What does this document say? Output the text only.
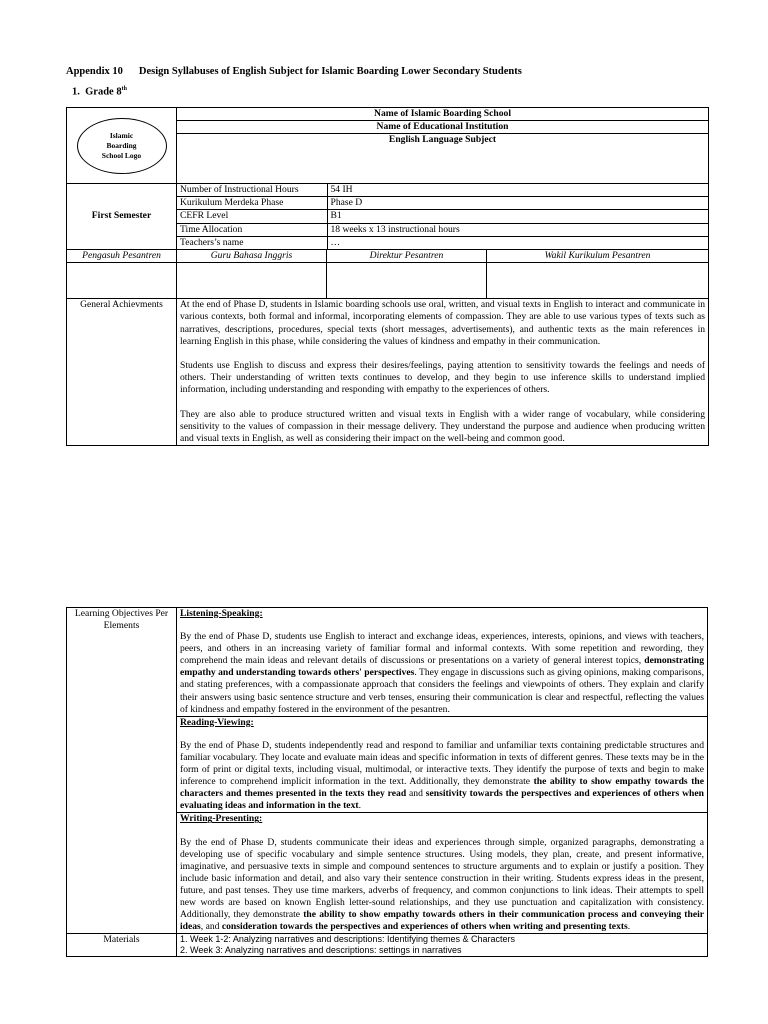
Appendix 10 Design Syllabuses of English Subject for Islamic Boarding Lower Secondary Students
1. Grade 8th
Islamic
Boarding
School Logo

Name of Islamic Boarding School
Name of Educational Institution
English Language Subject

First Semester	
Number of Instructional Hours	54 IH
Kurikulum Merdeka Phase	Phase D
CEFR Level	B1
Time Allocation	18 weeks x 13 instructional hours
Teachers’s name	…

Pengasuh Pesantren	Guru Bahasa Inggris	Direktur Pesantren	Wakil Kurikulum Pesantren

General Achievments	At the end of Phase D, students in Islamic boarding schools use oral, written, and visual texts in English to interact and communicate in various contexts, both formal and informal, incorporating elements of compassion. They are able to use various types of texts such as narratives, descriptions, procedures, special texts (short messages, advertisements), and authentic texts as the main references in learning English in this phase, while considering the values of kindness and empathy in their communication.

Students use English to discuss and express their desires/feelings, paying attention to sensitivity towards the feelings and needs of others. Their understanding of written texts continues to develop, and they begin to use inference skills to understand implied information, including understanding and responding with empathy to the experiences of others.

They are also able to produce structured written and visual texts in English with a wider range of vocabulary, while considering sensitivity to the values of compassion in their message delivery. They understand the purpose and audience when producing written and visual texts in English, as well as considering their impact on the well-being and common good.

Learning Objectives Per Elements	Listening-Speaking:
By the end of Phase D, students use English to interact and exchange ideas, experiences, interests, opinions, and views with teachers, peers, and others in an increasing variety of familiar formal and informal contexts. With some repetition and rewording, they comprehend the main ideas and relevant details of discussions or presentations on a variety of general interest topics, demonstrating empathy and understanding towards others' perspectives. They engage in discussions such as giving opinions, making comparisons, and stating preferences, with a compassionate approach that considers the feelings and viewpoints of others. They explain and clarify their answers using basic sentence structure and verb tenses, ensuring their communication is clear and respectful, reflecting the values of kindness and empathy fostered in the environment of the pesantren.

	Reading-Viewing:
By the end of Phase D, students independently read and respond to familiar and unfamiliar texts containing predictable structures and familiar vocabulary. They locate and evaluate main ideas and specific information in texts of different genres. These texts may be in the form of print or digital texts, including visual, multimodal, or interactive texts. They identify the purpose of texts and begin to make inference to comprehend implicit information in the text. Additionally, they demonstrate the ability to show empathy towards the characters and themes presented in the texts they read and sensitivity towards the perspectives and experiences of others when evaluating ideas and information in the text.

	Writing-Presenting:
By the end of Phase D, students communicate their ideas and experiences through simple, organized paragraphs, demonstrating a developing use of specific vocabulary and simple sentence structures. Using models, they plan, create, and present informative, imaginative, and persuasive texts in simple and compound sentences to structure arguments and to explain or justify a position. They include basic information and detail, and also vary their sentence construction in their writing. Students express ideas in the present, future, and past tenses. They use time markers, adverbs of frequency, and common conjunctions to link ideas. Their attempts to spell new words are based on known English letter-sound relationships, and they use punctuation and capitalization with consistency. Additionally, they demonstrate the ability to show empathy towards others in their communication process and conveying their ideas, and consideration towards the perspectives and experiences of others when writing and presenting texts.

Materials	1. Week 1-2: Analyzing narratives and descriptions: Identifying themes & Characters
2. Week 3: Analyzing narratives and descriptions: settings in narratives
